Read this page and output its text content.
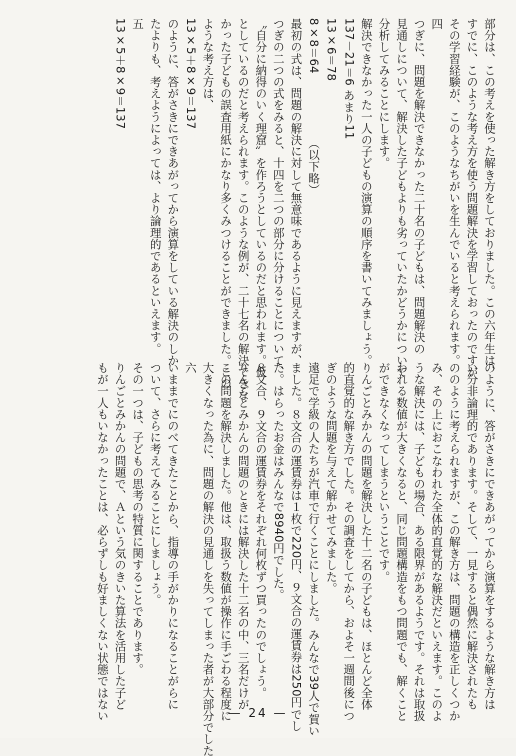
部分は、この考えを使った解き方をしておりました。この六年生は、
すでに、このような考え方を使う問題解決を学習しておったのですが
その学習経験が、このようなちがいを生んでいると考えられます。
四
つぎに、問題を解決できなかった二十名の子どもは、問題解決の
見通しについて、解決した子どもよりも劣っていたかどうかについて
分析してみることにします。
解決できなかった一人の子どもの演算の順序を書いてみましょう。
137－21＝6 あまり11
13×6＝78
8×8＝64　　　　　　（以下略）
最初の式は、問題の解決に対して無意味であるように見えますが、
つぎの二つの式をみると、十四を二つの部分に分けることについて、
〝自分に納得のいく理窟〟を作ろうとしているのだと思われます。仮
としているのだと考えられます。このような例が、二十七名の解決できな
かった子どもの誤査用紙にかなり多くみつけることができました。この
ような考え方は、
13×5＋8×9＝137
のように、答がさきにできあがってから演算をしている解決のしか
たよりも、考えようによっては、より論理的であるといえます。
五
13×5＋8×9＝137
のように、答がさきにできあがってから演算をするような解き方は
い分非論理的であります。そして、一見すると偶然に解決されたも
ののように考えられますが、この解き方は、問題の構造を正しくつか
み、その上におこなわれた全体的直覚的な解決だといえます。このよ
うな解決には、子どもの場合、ある限界があるようです。それは取扱
われる数値が大きくなると、同じ問題構造をもつ問題でも、解くこと
ができなくなってしまうということです。
りんごとみかんの問題を解決した十二名の子どもは、ほとんど全体
的直覚的な解き方でした。その調査をしてから、およそ一週間後につ
ぎのような問題を与えて解かせてみました。
遠足で学級の人たちが汽車で行くことにしました。みんなで39人で賀い
ました。８文合の運賃券は１枚で220円、９文合の運賃券は250円でし
た。はらったお金はみんなで8940円でした。
８文合、９文合の運賃券をそれぞれ何枚ずつ買ったのでしょう。
りんごとみかんの問題のときには解決した十二名の中、三名だけが
この問題を解決しました。他は、取扱う数値が操作に手ごわる程度に
大きくなった為に、問題の解決の見通しを失ってしまった者が大部分でした
六
いままでにのべてきたことから、指導の手がかりになることがらに
ついて、さらに考えてみることにしましょう。
その一つは、子どもの思考の特質に関することであります。
りんごとみかんの問題で、Ａという気のきいた算法を活用した子ど
もが一人もいなかったことは、必らずしも好ましくない状態ではない	— 24 —
